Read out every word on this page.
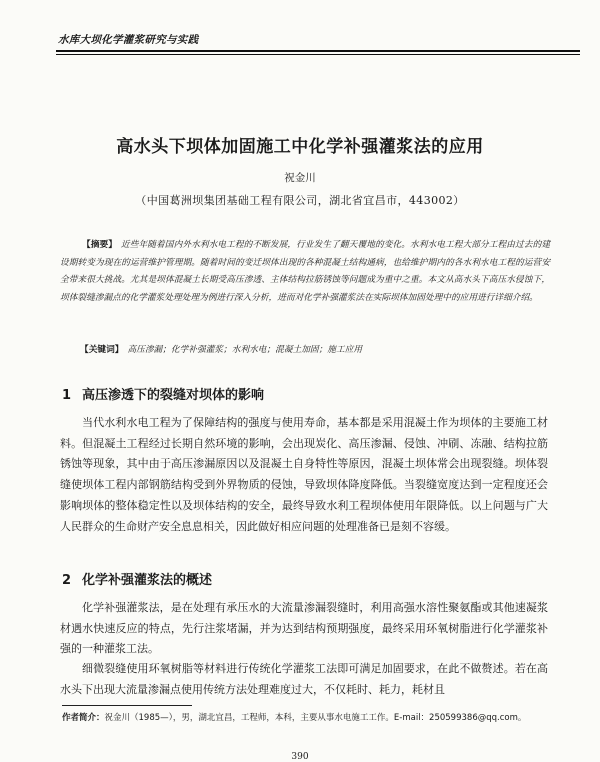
水库大坝化学灌浆研究与实践
高水头下坝体加固施工中化学补强灌浆法的应用
祝金川
（中国葛洲坝集团基础工程有限公司，湖北省宜昌市，443002）
【摘要】 近些年随着国内外水利水电工程的不断发展，行业发生了翻天覆地的变化。水利水电工程大部分工程由过去的建设期转变为现在的运营维护管理期。随着时间的变迁坝体出现的各种混凝土结构通病，也给维护期内的各水利水电工程的运营安全带来很大挑战。尤其是坝体混凝土长期受高压渗透、主体结构拉筋锈蚀等问题成为重中之重。本文从高水头下高压水侵蚀下，坝体裂缝渗漏点的化学灌浆处理处理为例进行深入分析，进而对化学补强灌浆法在实际坝体加固处理中的应用进行详细介绍。
【关键词】 高压渗漏；化学补强灌浆；水利水电；混凝土加固；施工应用
1 高压渗透下的裂缝对坝体的影响
当代水利水电工程为了保障结构的强度与使用寿命，基本都是采用混凝土作为坝体的主要施工材料。但混凝土工程经过长期自然环境的影响，会出现炭化、高压渗漏、侵蚀、冲刷、冻融、结构拉筋锈蚀等现象，其中由于高压渗漏原因以及混凝土自身特性等原因，混凝土坝体常会出现裂缝。坝体裂缝使坝体工程内部钢筋结构受到外界物质的侵蚀，导致坝体降度降低。当裂缝宽度达到一定程度还会影响坝体的整体稳定性以及坝体结构的安全，最终导致水利工程坝体使用年限降低。以上问题与广大人民群众的生命财产安全息息相关，因此做好相应问题的处理准备已是刻不容缓。
2 化学补强灌浆法的概述
化学补强灌浆法，是在处理有承压水的大流量渗漏裂缝时，利用高强水溶性聚氨酯或其他速凝浆材遇水快速反应的特点，先行注浆堵漏，并为达到结构预期强度，最终采用环氧树脂进行化学灌浆补强的一种灌浆工法。
细微裂缝使用环氧树脂等材料进行传统化学灌浆工法即可满足加固要求，在此不做赘述。若在高水头下出现大流量渗漏点使用传统方法处理难度过大，不仅耗时、耗力，耗材且
作者简介：祝金川（1985—），男，湖北宜昌，工程师，本科，主要从事水电施工工作。E-mail：250599386@qq.com。
390
